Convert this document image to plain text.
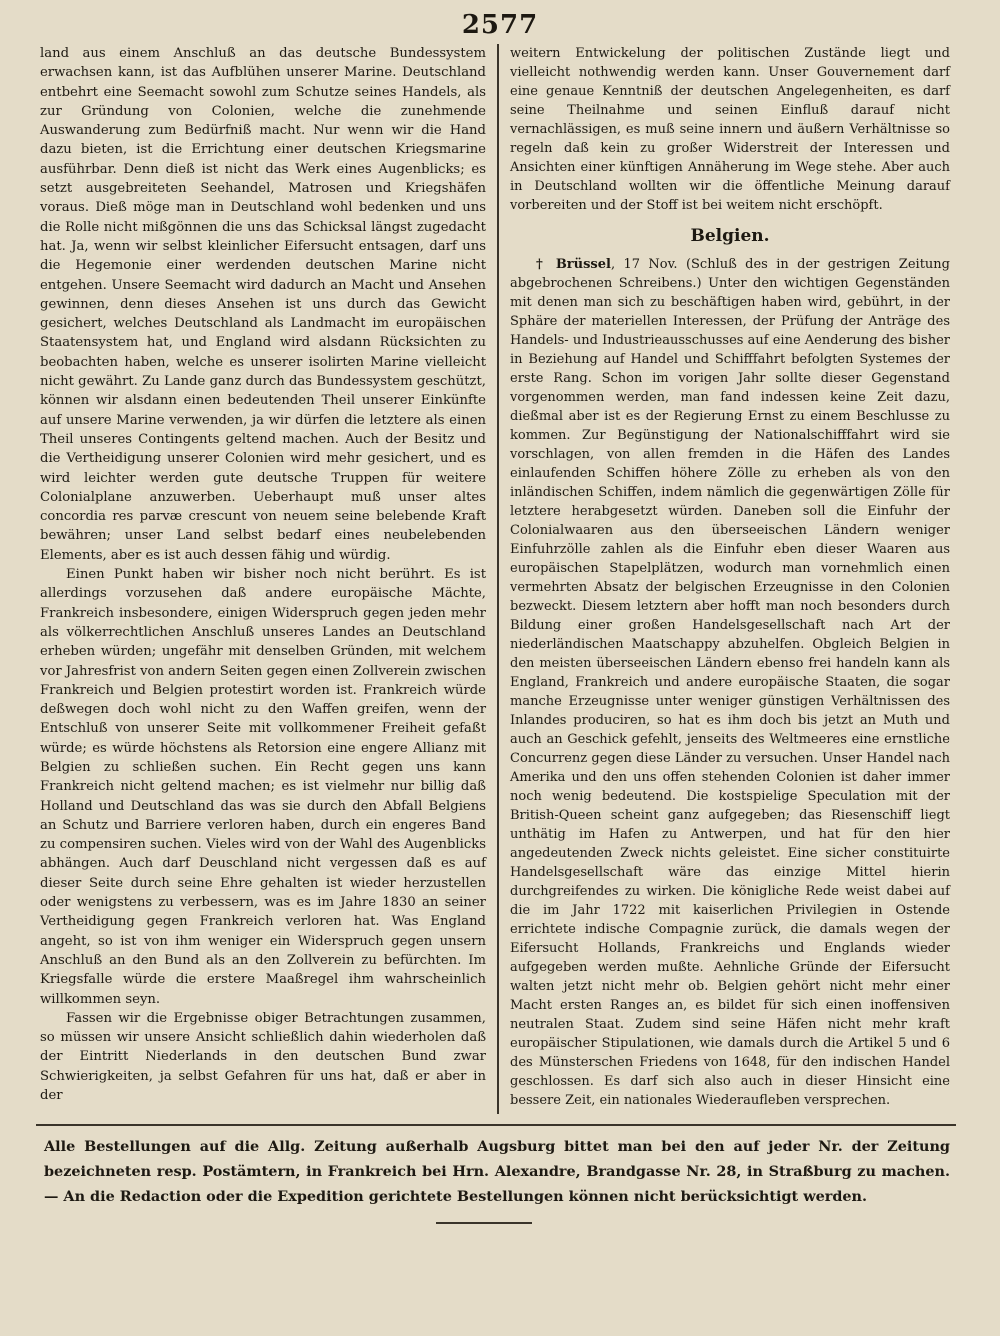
2577

land aus einem Anschluß an das deutsche Bundessystem erwachsen kann, ist das Aufblühen unserer Marine. Deutschland entbehrt eine Seemacht sowohl zum Schutze seines Handels, als zur Gründung von Colonien, welche die zunehmende Auswanderung zum Bedürfniß macht. Nur wenn wir die Hand dazu bieten, ist die Errichtung einer deutschen Kriegsmarine ausführbar. Denn dieß ist nicht das Werk eines Augenblicks; es setzt ausgebreiteten Seehandel, Matrosen und Kriegshäfen voraus. Dieß möge man in Deutschland wohl bedenken und uns die Rolle nicht mißgönnen die uns das Schicksal längst zugedacht hat. Ja, wenn wir selbst kleinlicher Eifersucht entsagen, darf uns die Hegemonie einer werdenden deutschen Marine nicht entgehen. Unsere Seemacht wird dadurch an Macht und Ansehen gewinnen, denn dieses Ansehen ist uns durch das Gewicht gesichert, welches Deutschland als Landmacht im europäischen Staatensystem hat, und England wird alsdann Rücksichten zu beobachten haben, welche es unserer isolirten Marine vielleicht nicht gewährt. Zu Lande ganz durch das Bundessystem geschützt, können wir alsdann einen bedeutenden Theil unserer Einkünfte auf unsere Marine verwenden, ja wir dürfen die letztere als einen Theil unseres Contingents geltend machen. Auch der Besitz und die Vertheidigung unserer Colonien wird mehr gesichert, und es wird leichter werden gute deutsche Truppen für weitere Colonialplane anzuwerben. Ueberhaupt muß unser altes concordia res parvæ crescunt von neuem seine belebende Kraft bewähren; unser Land selbst bedarf eines neubelebenden Elements, aber es ist auch dessen fähig und würdig.

Einen Punkt haben wir bisher noch nicht berührt. Es ist allerdings vorzusehen daß andere europäische Mächte, Frankreich insbesondere, einigen Widerspruch gegen jeden mehr als völkerrechtlichen Anschluß unseres Landes an Deutschland erheben würden; ungefähr mit denselben Gründen, mit welchem vor Jahresfrist von andern Seiten gegen einen Zollverein zwischen Frankreich und Belgien protestirt worden ist. Frankreich würde deßwegen doch wohl nicht zu den Waffen greifen, wenn der Entschluß von unserer Seite mit vollkommener Freiheit gefaßt würde; es würde höchstens als Retorsion eine engere Allianz mit Belgien zu schließen suchen. Ein Recht gegen uns kann Frankreich nicht geltend machen; es ist vielmehr nur billig daß Holland und Deutschland das was sie durch den Abfall Belgiens an Schutz und Barriere verloren haben, durch ein engeres Band zu compensiren suchen. Vieles wird von der Wahl des Augenblicks abhängen. Auch darf Deuschland nicht vergessen daß es auf dieser Seite durch seine Ehre gehalten ist wieder herzustellen oder wenigstens zu verbessern, was es im Jahre 1830 an seiner Vertheidigung gegen Frankreich verloren hat. Was England angeht, so ist von ihm weniger ein Widerspruch gegen unsern Anschluß an den Bund als an den Zollverein zu befürchten. Im Kriegsfalle würde die erstere Maaßregel ihm wahrscheinlich willkommen seyn.

Fassen wir die Ergebnisse obiger Betrachtungen zusammen, so müssen wir unsere Ansicht schließlich dahin wiederholen daß der Eintritt Niederlands in den deutschen Bund zwar Schwierigkeiten, ja selbst Gefahren für uns hat, daß er aber in der

weitern Entwickelung der politischen Zustände liegt und vielleicht nothwendig werden kann. Unser Gouvernement darf eine genaue Kenntniß der deutschen Angelegenheiten, es darf seine Theilnahme und seinen Einfluß darauf nicht vernachlässigen, es muß seine innern und äußern Verhältnisse so regeln daß kein zu großer Widerstreit der Interessen und Ansichten einer künftigen Annäherung im Wege stehe. Aber auch in Deutschland wollten wir die öffentliche Meinung darauf vorbereiten und der Stoff ist bei weitem nicht erschöpft.

Belgien.

† Brüssel, 17 Nov. (Schluß des in der gestrigen Zeitung abgebrochenen Schreibens.) Unter den wichtigen Gegenständen mit denen man sich zu beschäftigen haben wird, gebührt, in der Sphäre der materiellen Interessen, der Prüfung der Anträge des Handels- und Industrieausschusses auf eine Aenderung des bisher in Beziehung auf Handel und Schifffahrt befolgten Systemes der erste Rang. Schon im vorigen Jahr sollte dieser Gegenstand vorgenommen werden, man fand indessen keine Zeit dazu, dießmal aber ist es der Regierung Ernst zu einem Beschlusse zu kommen. Zur Begünstigung der Nationalschifffahrt wird sie vorschlagen, von allen fremden in die Häfen des Landes einlaufenden Schiffen höhere Zölle zu erheben als von den inländischen Schiffen, indem nämlich die gegenwärtigen Zölle für letztere herabgesetzt würden. Daneben soll die Einfuhr der Colonialwaaren aus den überseeischen Ländern weniger Einfuhrzölle zahlen als die Einfuhr eben dieser Waaren aus europäischen Stapelplätzen, wodurch man vornehmlich einen vermehrten Absatz der belgischen Erzeugnisse in den Colonien bezweckt. Diesem letztern aber hofft man noch besonders durch Bildung einer großen Handelsgesellschaft nach Art der niederländischen Maatschappy abzuhelfen. Obgleich Belgien in den meisten überseeischen Ländern ebenso frei handeln kann als England, Frankreich und andere europäische Staaten, die sogar manche Erzeugnisse unter weniger günstigen Verhältnissen des Inlandes produciren, so hat es ihm doch bis jetzt an Muth und auch an Geschick gefehlt, jenseits des Weltmeeres eine ernstliche Concurrenz gegen diese Länder zu versuchen. Unser Handel nach Amerika und den uns offen stehenden Colonien ist daher immer noch wenig bedeutend. Die kostspielige Speculation mit der British-Queen scheint ganz aufgegeben; das Riesenschiff liegt unthätig im Hafen zu Antwerpen, und hat für den hier angedeutenden Zweck nichts geleistet. Eine sicher constituirte Handelsgesellschaft wäre das einzige Mittel hierin durchgreifendes zu wirken. Die königliche Rede weist dabei auf die im Jahr 1722 mit kaiserlichen Privilegien in Ostende errichtete indische Compagnie zurück, die damals wegen der Eifersucht Hollands, Frankreichs und Englands wieder aufgegeben werden mußte. Aehnliche Gründe der Eifersucht walten jetzt nicht mehr ob. Belgien gehört nicht mehr einer Macht ersten Ranges an, es bildet für sich einen inoffensiven neutralen Staat. Zudem sind seine Häfen nicht mehr kraft europäischer Stipulationen, wie damals durch die Artikel 5 und 6 des Münsterschen Friedens von 1648, für den indischen Handel geschlossen. Es darf sich also auch in dieser Hinsicht eine bessere Zeit, ein nationales Wiederaufleben versprechen.

Alle Bestellungen auf die Allg. Zeitung außerhalb Augsburg bittet man bei den auf jeder Nr. der Zeitung bezeichneten resp. Postämtern, in Frankreich bei Hrn. Alexandre, Brandgasse Nr. 28, in Straßburg zu machen. — An die Redaction oder die Expedition gerichtete Bestellungen können nicht berücksichtigt werden.
